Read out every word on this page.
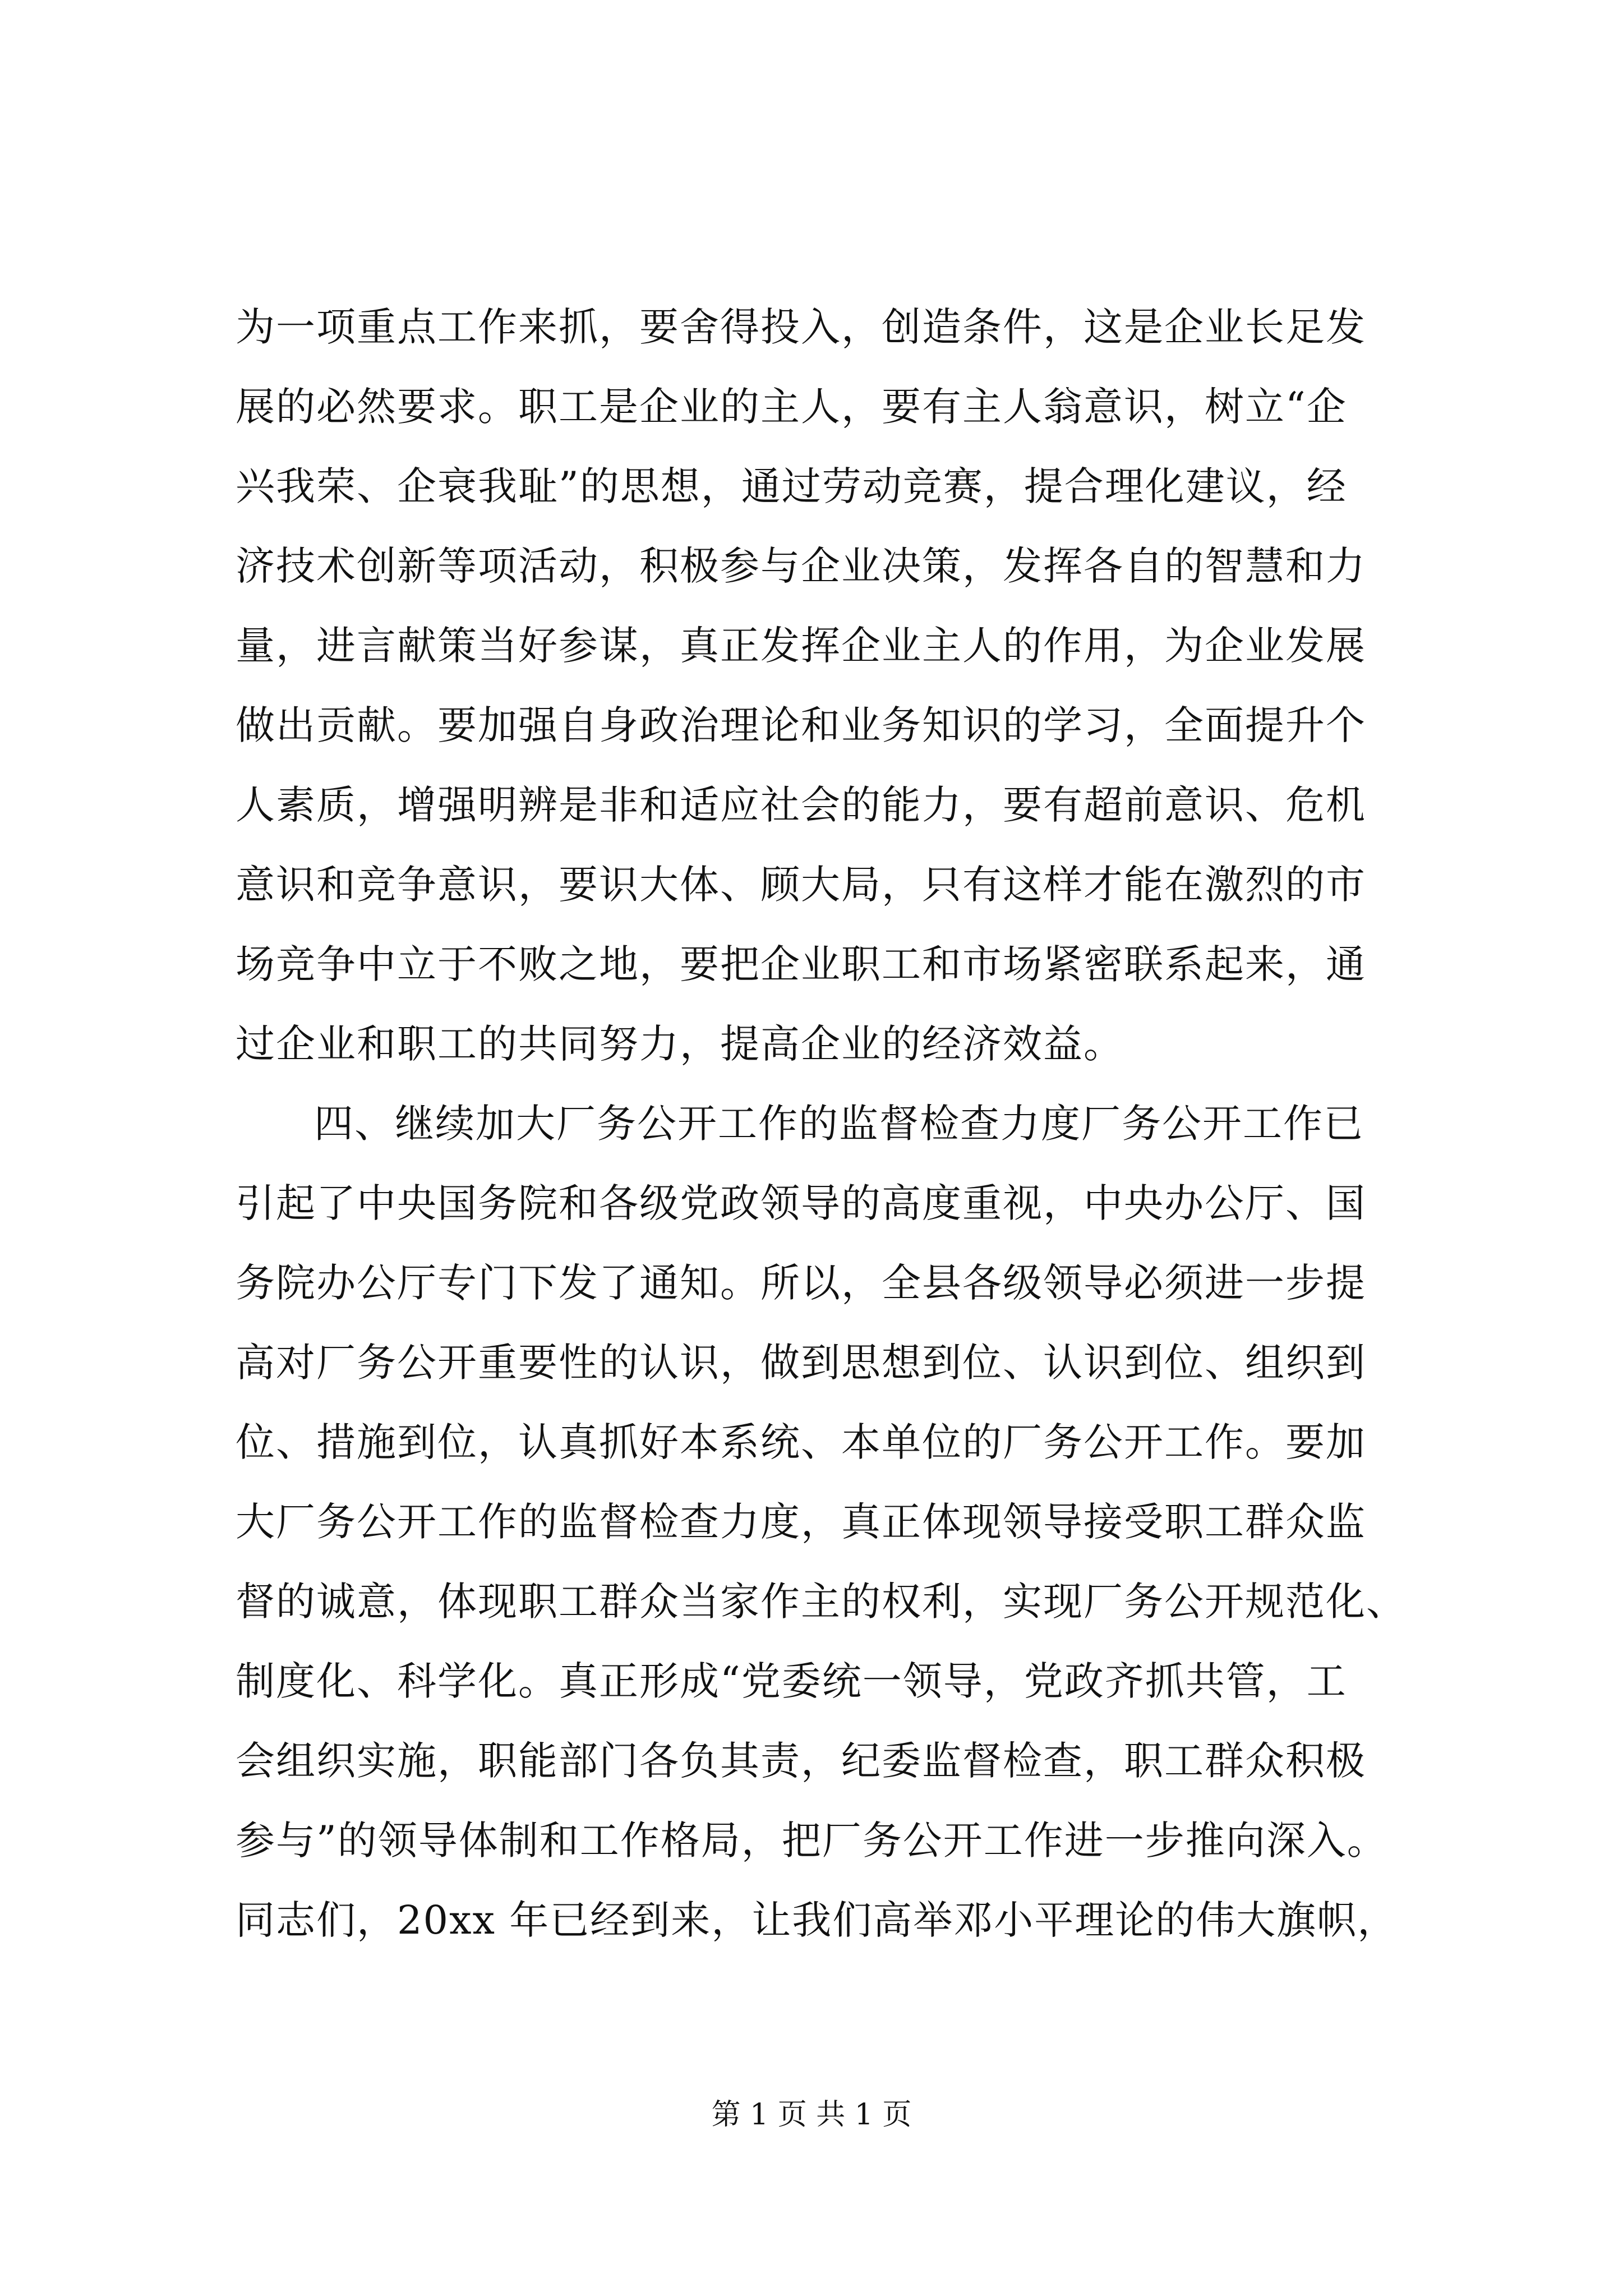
为一项重点工作来抓，要舍得投入，创造条件，这是企业长足发
展的必然要求。职工是企业的主人，要有主人翁意识，树立“企
兴我荣、企衰我耻”的思想，通过劳动竞赛，提合理化建议，经
济技术创新等项活动，积极参与企业决策，发挥各自的智慧和力
量，进言献策当好参谋，真正发挥企业主人的作用，为企业发展
做出贡献。要加强自身政治理论和业务知识的学习，全面提升个
人素质，增强明辨是非和适应社会的能力，要有超前意识、危机
意识和竞争意识，要识大体、顾大局，只有这样才能在激烈的市
场竞争中立于不败之地，要把企业职工和市场紧密联系起来，通
过企业和职工的共同努力，提高企业的经济效益。
四、继续加大厂务公开工作的监督检查力度厂务公开工作已
引起了中央国务院和各级党政领导的高度重视，中央办公厅、国
务院办公厅专门下发了通知。所以，全县各级领导必须进一步提
高对厂务公开重要性的认识，做到思想到位、认识到位、组织到
位、措施到位，认真抓好本系统、本单位的厂务公开工作。要加
大厂务公开工作的监督检查力度，真正体现领导接受职工群众监
督的诚意，体现职工群众当家作主的权利，实现厂务公开规范化、
制度化、科学化。真正形成“党委统一领导，党政齐抓共管，工
会组织实施，职能部门各负其责，纪委监督检查，职工群众积极
参与”的领导体制和工作格局，把厂务公开工作进一步推向深入。
同志们，20xx 年已经到来，让我们高举邓小平理论的伟大旗帜，
第 1 页 共 1 页
